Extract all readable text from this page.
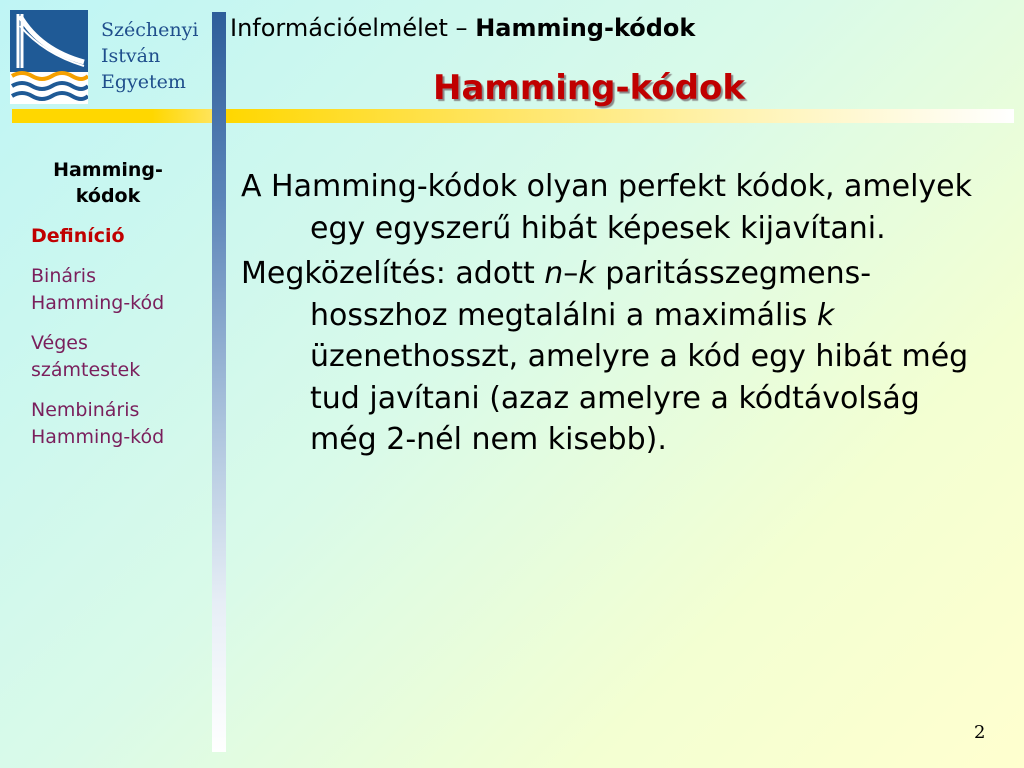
Széchenyi
István
Egyetem
Információelmélet – Hamming-kódok
Hamming-kódok
Hamming-
kódok
Definíció
Bináris
Hamming-kód
Véges
számtestek
Nembináris
Hamming-kód

A Hamming-kódok olyan perfekt kódok, amelyek egy egyszerű hibát képesek kijavítani.

Megközelítés: adott n–k paritásszegmens-hosszhoz megtalálni a maximális k üzenethosszt, amelyre a kód egy hibát még tud javítani (azaz amelyre a kódtávolság még 2-nél nem kisebb).

2
